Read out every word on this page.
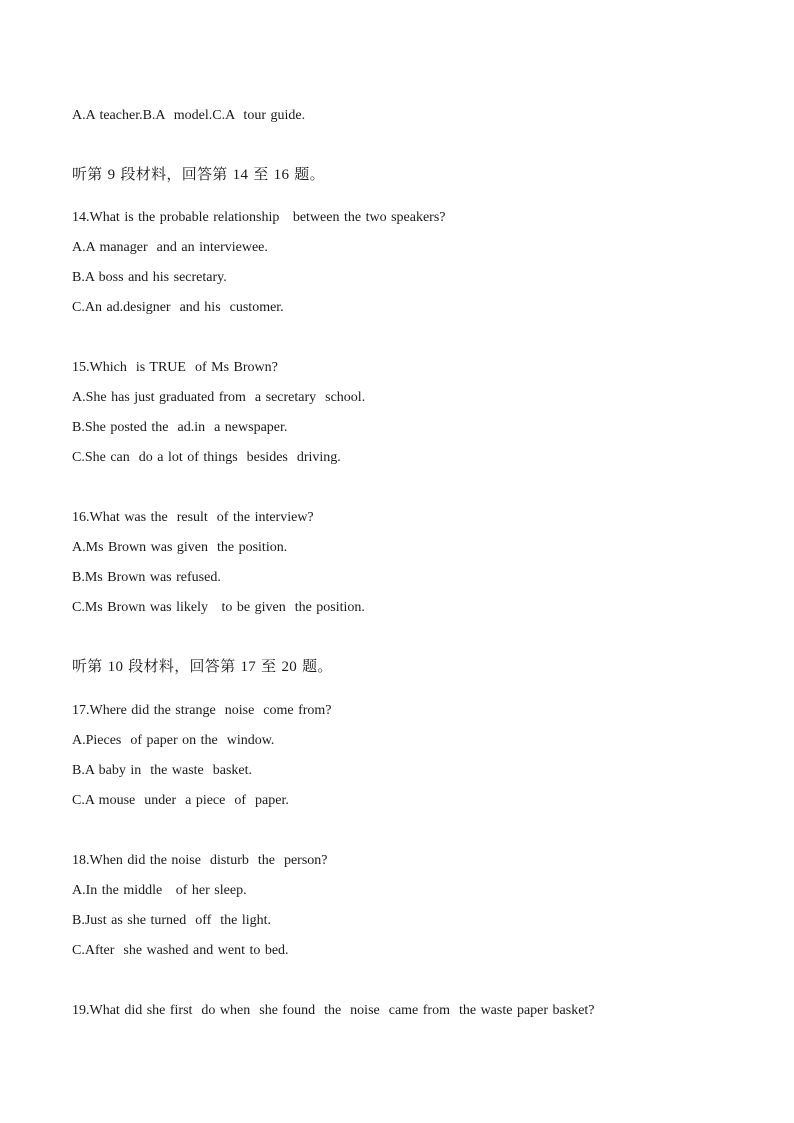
A.A teacher.B.A  model.C.A  tour guide.
听第 9 段材料，回答第 14 至 16 题。
14.What is the probable relationship   between the two speakers?
A.A manager  and an interviewee.
B.A boss and his secretary.
C.An ad.designer  and his  customer.
15.Which  is TRUE  of Ms Brown?
A.She has just graduated from  a secretary  school.
B.She posted the  ad.in  a newspaper.
C.She can  do a lot of things  besides  driving.
16.What was the  result  of the interview?
A.Ms Brown was given  the position.
B.Ms Brown was refused.
C.Ms Brown was likely   to be given  the position.
听第 10 段材料，回答第 17 至 20 题。
17.Where did the strange  noise  come from?
A.Pieces  of paper on the  window.
B.A baby in  the waste  basket.
C.A mouse  under  a piece  of  paper.
18.When did the noise  disturb  the  person?
A.In the middle   of her sleep.
B.Just as she turned  off  the light.
C.After  she washed and went to bed.
19.What did she first  do when  she found  the  noise  came from  the waste paper basket?
